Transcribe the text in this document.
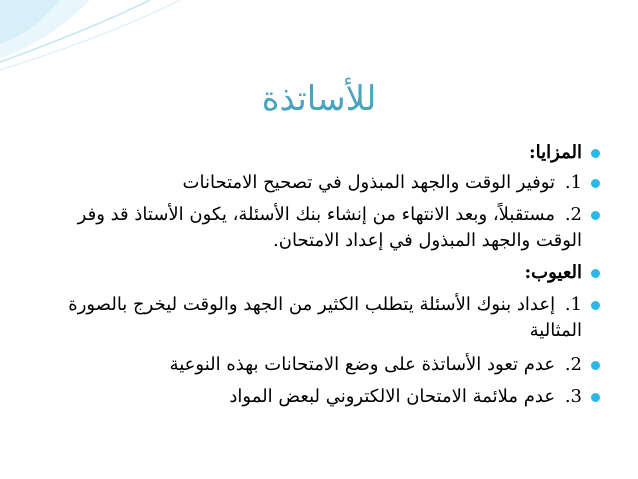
للأساتذة
المزايا:
1. توفير الوقت والجهد المبذول في تصحيح الامتحانات
2. مستقبلاً، وبعد الانتهاء من إنشاء بنك الأسئلة، يكون الأستاذ قد وفر الوقت والجهد المبذول في إعداد الامتحان.
العيوب:
1. إعداد بنوك الأسئلة يتطلب الكثير من الجهد والوقت ليخرج بالصورة المثالية
2. عدم تعود الأساتذة على وضع الامتحانات بهذه النوعية
3. عدم ملائمة الامتحان الالكتروني لبعض المواد
